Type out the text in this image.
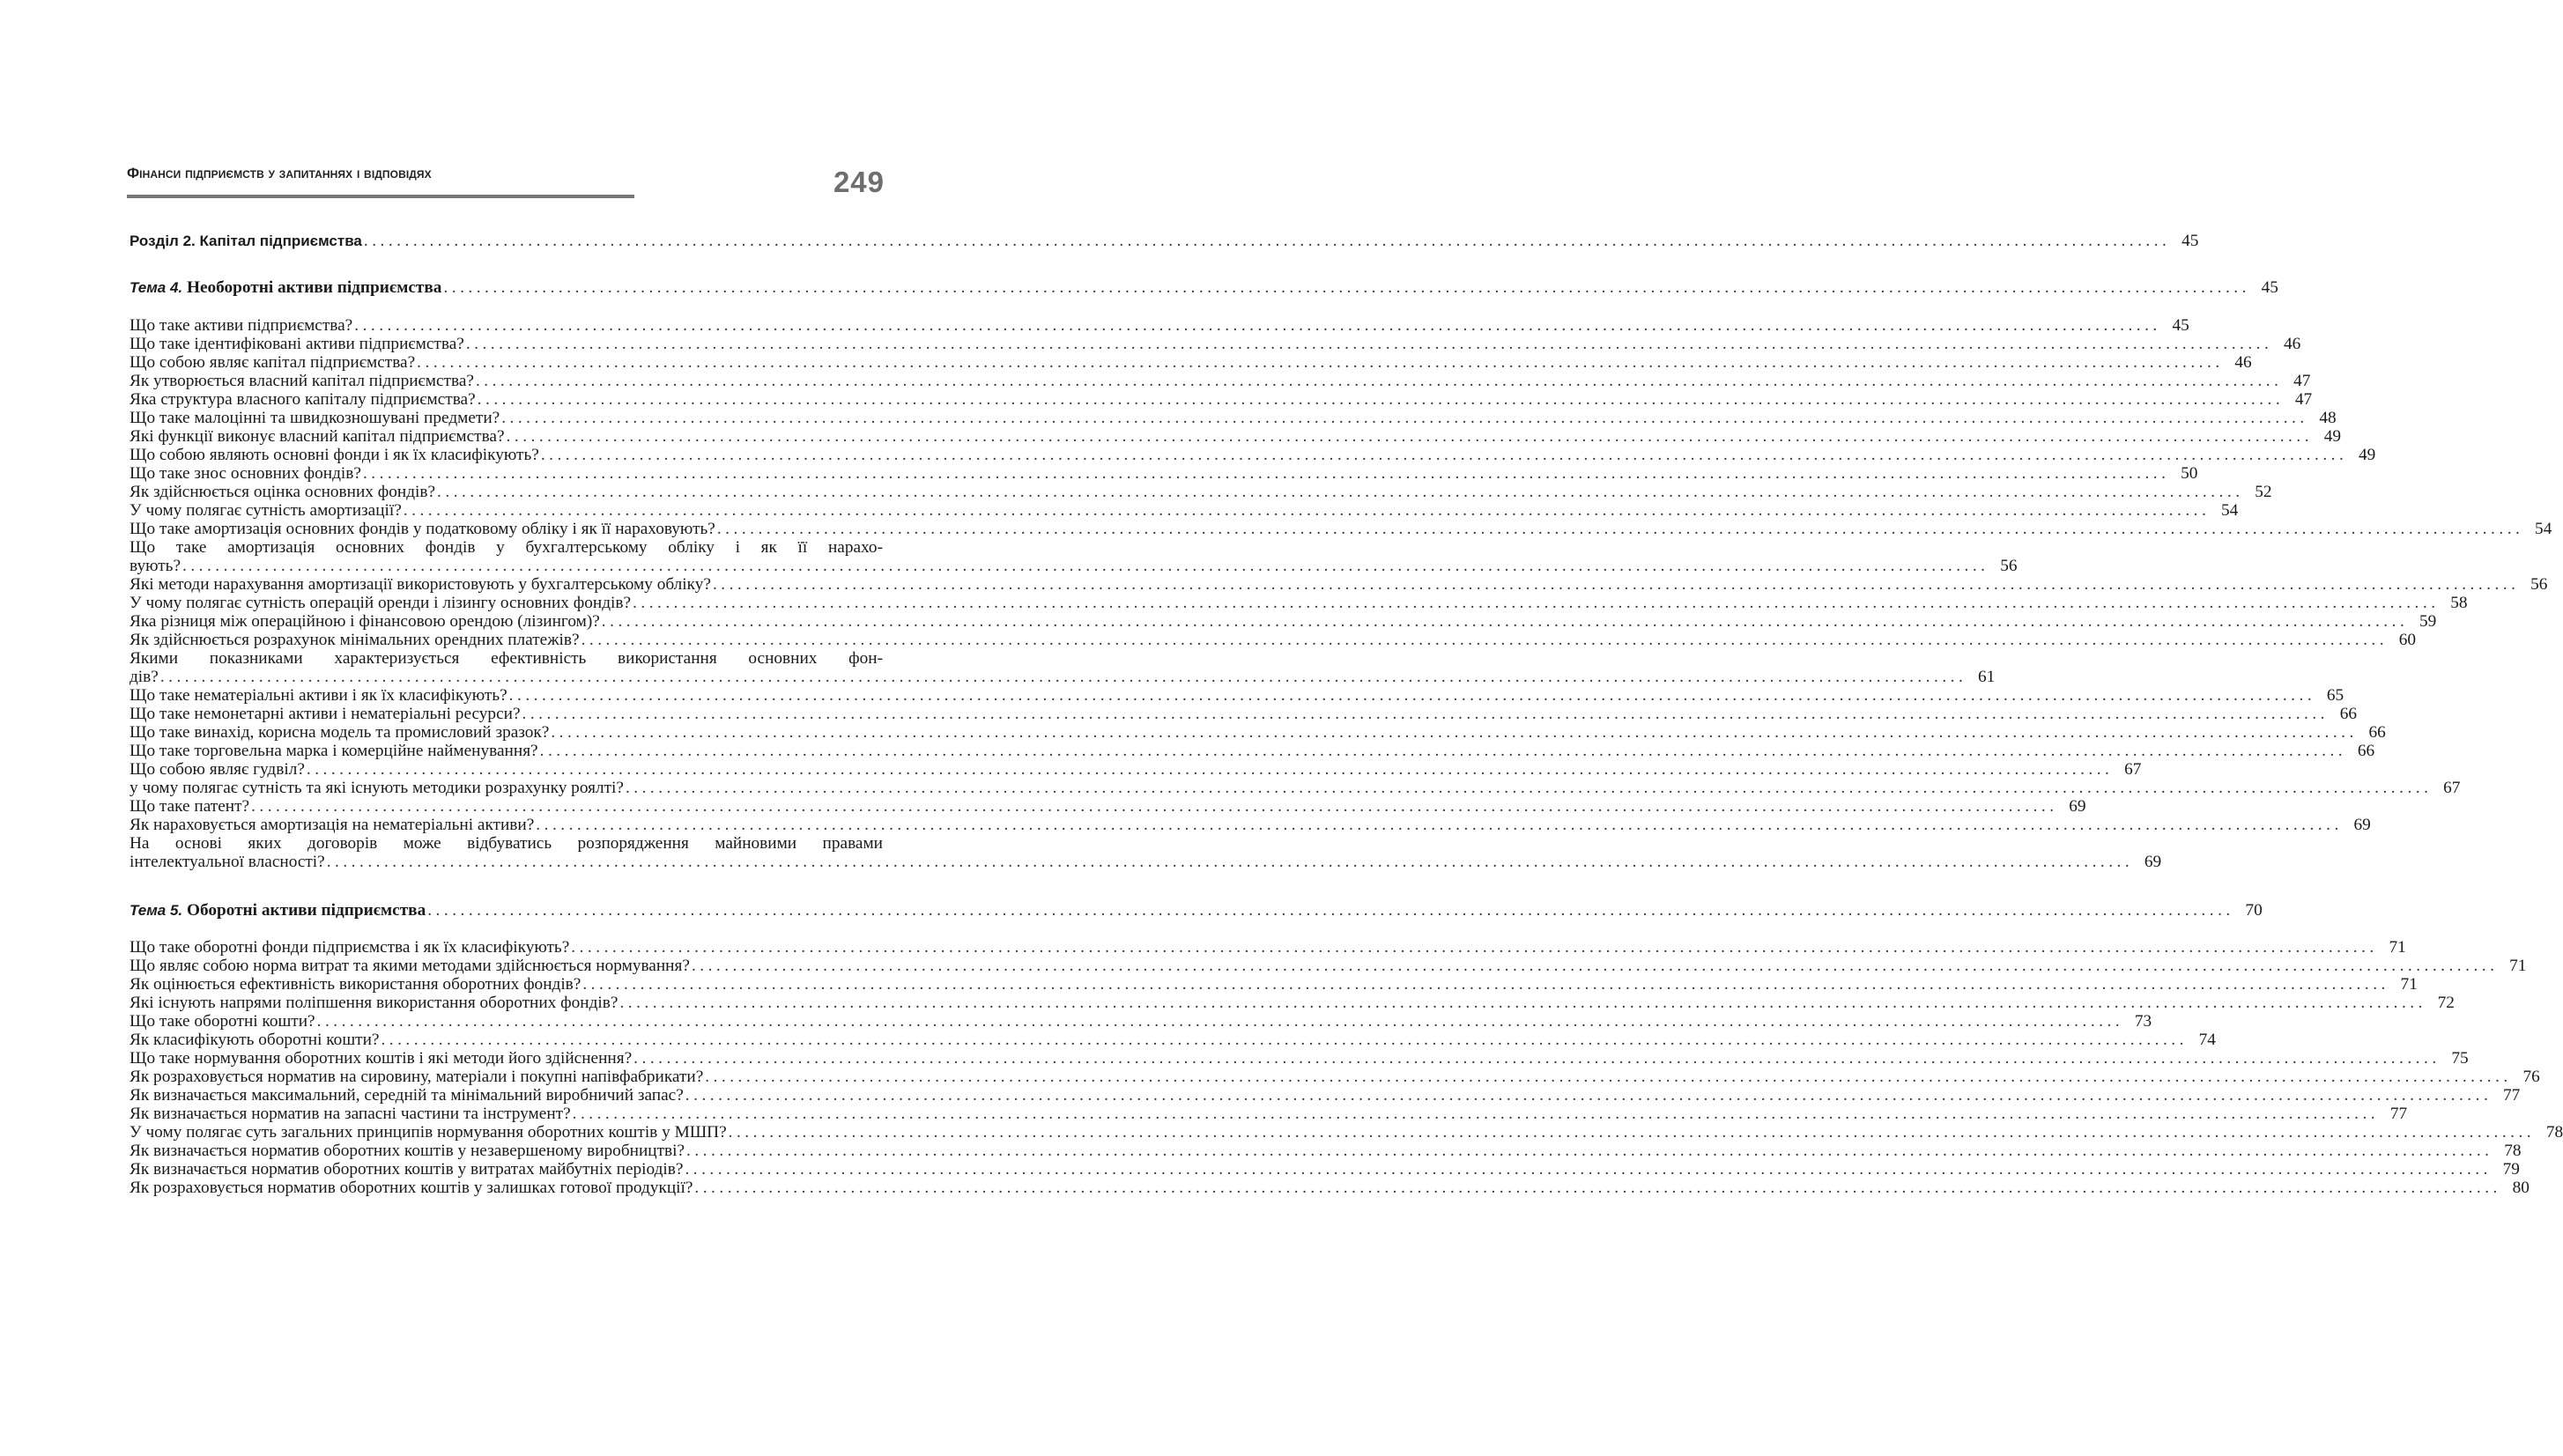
Фінанси підприємств у запитаннях і відповідях	249
Розділ 2. Капітал підприємства ............................................................................................................................................................................................................................ 45
Тема 4. Необоротні активи підприємства ............................................................................................................................................................................................................................ 45
Що таке активи підприємства? ............................................................................................................................................................................................................................ 45
Що таке ідентифіковані активи підприємства? ............................................................................................................................................................................................................................ 46
Що собою являє капітал підприємства? ............................................................................................................................................................................................................................ 46
Як утворюється власний капітал підприємства? ............................................................................................................................................................................................................................ 47
Яка структура власного капіталу підприємства? ............................................................................................................................................................................................................................ 47
Що таке малоцінні та швидкозношувані предмети? ............................................................................................................................................................................................................................ 48
Які функції виконує власний капітал підприємства? ............................................................................................................................................................................................................................ 49
Що собою являють основні фонди і як їх класифікують? ............................................................................................................................................................................................................................ 49
Що таке знос основних фондів? ............................................................................................................................................................................................................................ 50
Як здійснюється оцінка основних фондів? ............................................................................................................................................................................................................................ 52
У чому полягає сутність амортизації? ............................................................................................................................................................................................................................ 54
Що таке амортизація основних фондів у податковому обліку і як її нараховують? ............................................................................................................................................................................................................................ 54
Що таке амортизація основних фондів у бухгалтерському обліку і як її нарахо-
вують? ............................................................................................................................................................................................................................ 56
Які методи нарахування амортизації використовують у бухгалтерському обліку? ............................................................................................................................................................................................................................ 56
У чому полягає сутність операцій оренди і лізингу основних фондів? ............................................................................................................................................................................................................................ 58
Яка різниця між операційною і фінансовою орендою (лізингом)? ............................................................................................................................................................................................................................ 59
Як здійснюється розрахунок мінімальних орендних платежів? ............................................................................................................................................................................................................................ 60
Якими показниками характеризується ефективність використання основних фон-
дів? ............................................................................................................................................................................................................................ 61
Що таке нематеріальні активи і як їх класифікують? ............................................................................................................................................................................................................................ 65
Що таке немонетарні активи і нематеріальні ресурси? ............................................................................................................................................................................................................................ 66
Що таке винахід, корисна модель та промисловий зразок? ............................................................................................................................................................................................................................ 66
Що таке торговельна марка і комерційне найменування? ............................................................................................................................................................................................................................ 66
Що собою являє гудвіл? ............................................................................................................................................................................................................................ 67
у чому полягає сутність та які існують методики розрахунку роялті? ............................................................................................................................................................................................................................ 67
Що таке патент? ............................................................................................................................................................................................................................ 69
Як нараховується амортизація на нематеріальні активи? ............................................................................................................................................................................................................................ 69
На основі яких договорів може відбуватись розпорядження майновими правами
інтелектуальної власності? ............................................................................................................................................................................................................................ 69
Тема 5. Оборотні активи підприємства ............................................................................................................................................................................................................................ 70
Що таке оборотні фонди підприємства і як їх класифікують? ............................................................................................................................................................................................................................ 71
Що являє собою норма витрат та якими методами здійснюється нормування? ............................................................................................................................................................................................................................ 71
Як оцінюється ефективність використання оборотних фондів? ............................................................................................................................................................................................................................ 71
Які існують напрями поліпшення використання оборотних фондів? ............................................................................................................................................................................................................................ 72
Що таке оборотні кошти? ............................................................................................................................................................................................................................ 73
Як класифікують оборотні кошти? ............................................................................................................................................................................................................................ 74
Що таке нормування оборотних коштів і які методи його здійснення? ............................................................................................................................................................................................................................ 75
Як розраховується норматив на сировину, матеріали і покупні напівфабрикати? ............................................................................................................................................................................................................................ 76
Як визначається максимальний, середній та мінімальний виробничий запас? ............................................................................................................................................................................................................................ 77
Як визначається норматив на запасні частини та інструмент? ............................................................................................................................................................................................................................ 77
У чому полягає суть загальних принципів нормування оборотних коштів у МШП? ............................................................................................................................................................................................................................ 78
Як визначається норматив оборотних коштів у незавершеному виробництві? ............................................................................................................................................................................................................................ 78
Як визначається норматив оборотних коштів у витратах майбутніх періодів? ............................................................................................................................................................................................................................ 79
Як розраховується норматив оборотних коштів у залишках готової продукції? ............................................................................................................................................................................................................................ 80
